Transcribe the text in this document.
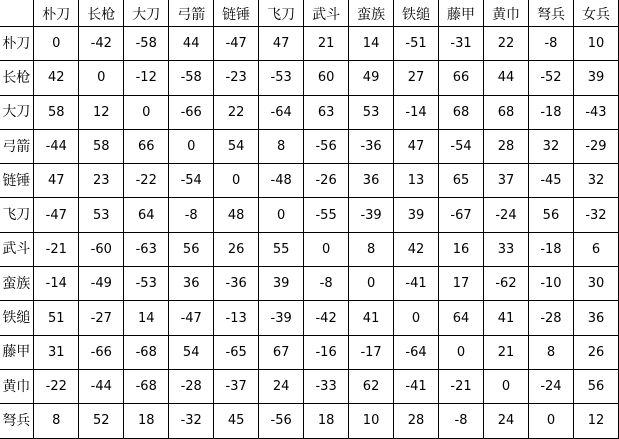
	朴刀	长枪	大刀	弓箭	链锤	飞刀	武斗	蛮族	铁缒	藤甲	黄巾	弩兵	女兵
朴刀	0	-42	-58	44	-47	47	21	14	-51	-31	22	-8	10
长枪	42	0	-12	-58	-23	-53	60	49	27	66	44	-52	39
大刀	58	12	0	-66	22	-64	63	53	-14	68	68	-18	-43
弓箭	-44	58	66	0	54	8	-56	-36	47	-54	28	32	-29
链锤	47	23	-22	-54	0	-48	-26	36	13	65	37	-45	32
飞刀	-47	53	64	-8	48	0	-55	-39	39	-67	-24	56	-32
武斗	-21	-60	-63	56	26	55	0	8	42	16	33	-18	6
蛮族	-14	-49	-53	36	-36	39	-8	0	-41	17	-62	-10	30
铁缒	51	-27	14	-47	-13	-39	-42	41	0	64	41	-28	36
藤甲	31	-66	-68	54	-65	67	-16	-17	-64	0	21	8	26
黄巾	-22	-44	-68	-28	-37	24	-33	62	-41	-21	0	-24	56
弩兵	8	52	18	-32	45	-56	18	10	28	-8	24	0	12
